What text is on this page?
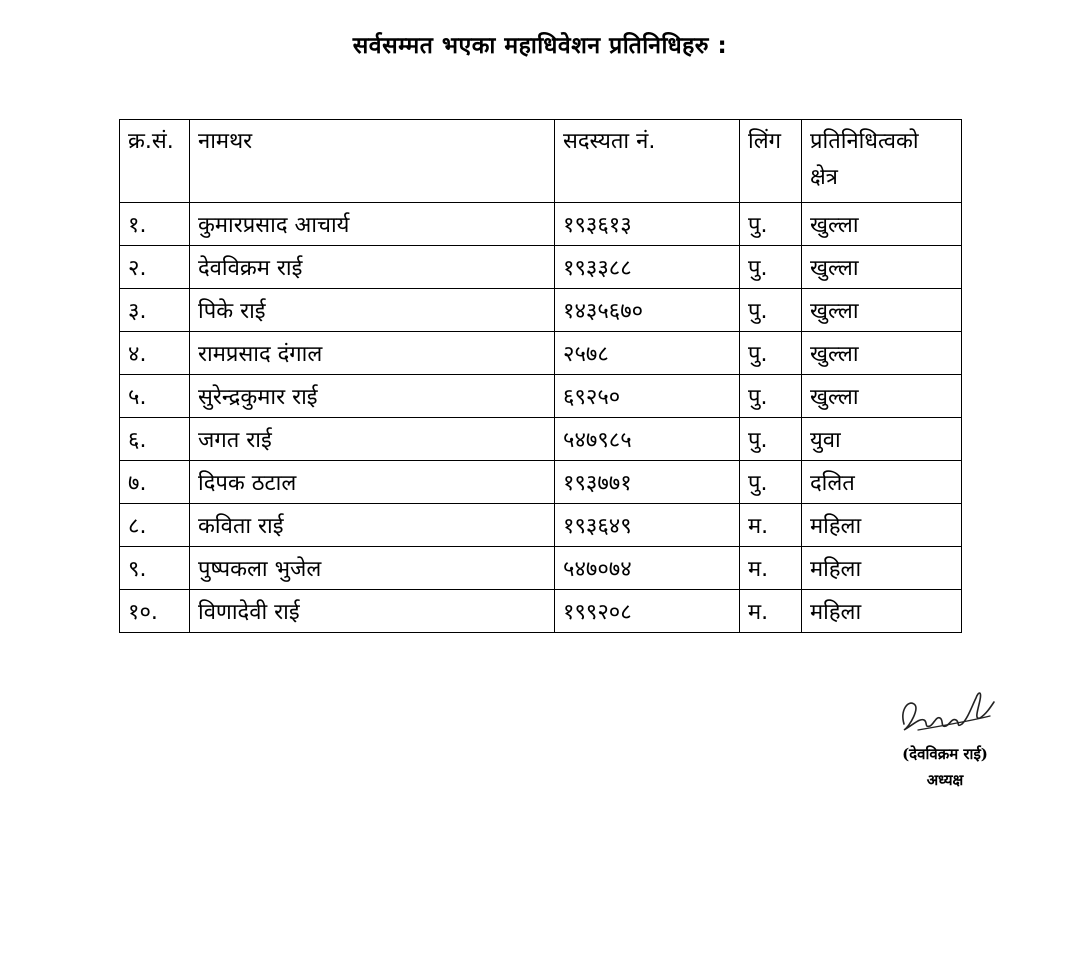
सर्वसम्मत भएका महाधिवेशन प्रतिनिधिहरु :
क्र.सं.	नामथर	सदस्यता नं.	लिंग	प्रतिनिधित्वको क्षेत्र
१.	कुमारप्रसाद आचार्य	१९३६१३	पु.	खुल्ला
२.	देवविक्रम राई	१९३३८८	पु.	खुल्ला
३.	पिके राई	१४३५६७०	पु.	खुल्ला
४.	रामप्रसाद दंगाल	२५७८	पु.	खुल्ला
५.	सुरेन्द्रकुमार राई	६९२५०	पु.	खुल्ला
६.	जगत राई	५४७९८५	पु.	युवा
७.	दिपक ठटाल	१९३७७१	पु.	दलित
८.	कविता राई	१९३६४९	म.	महिला
९.	पुष्पकला भुजेल	५४७०७४	म.	महिला
१०.	विणादेवी राई	१९९२०८	म.	महिला
(देवविक्रम राई)
अध्यक्ष
